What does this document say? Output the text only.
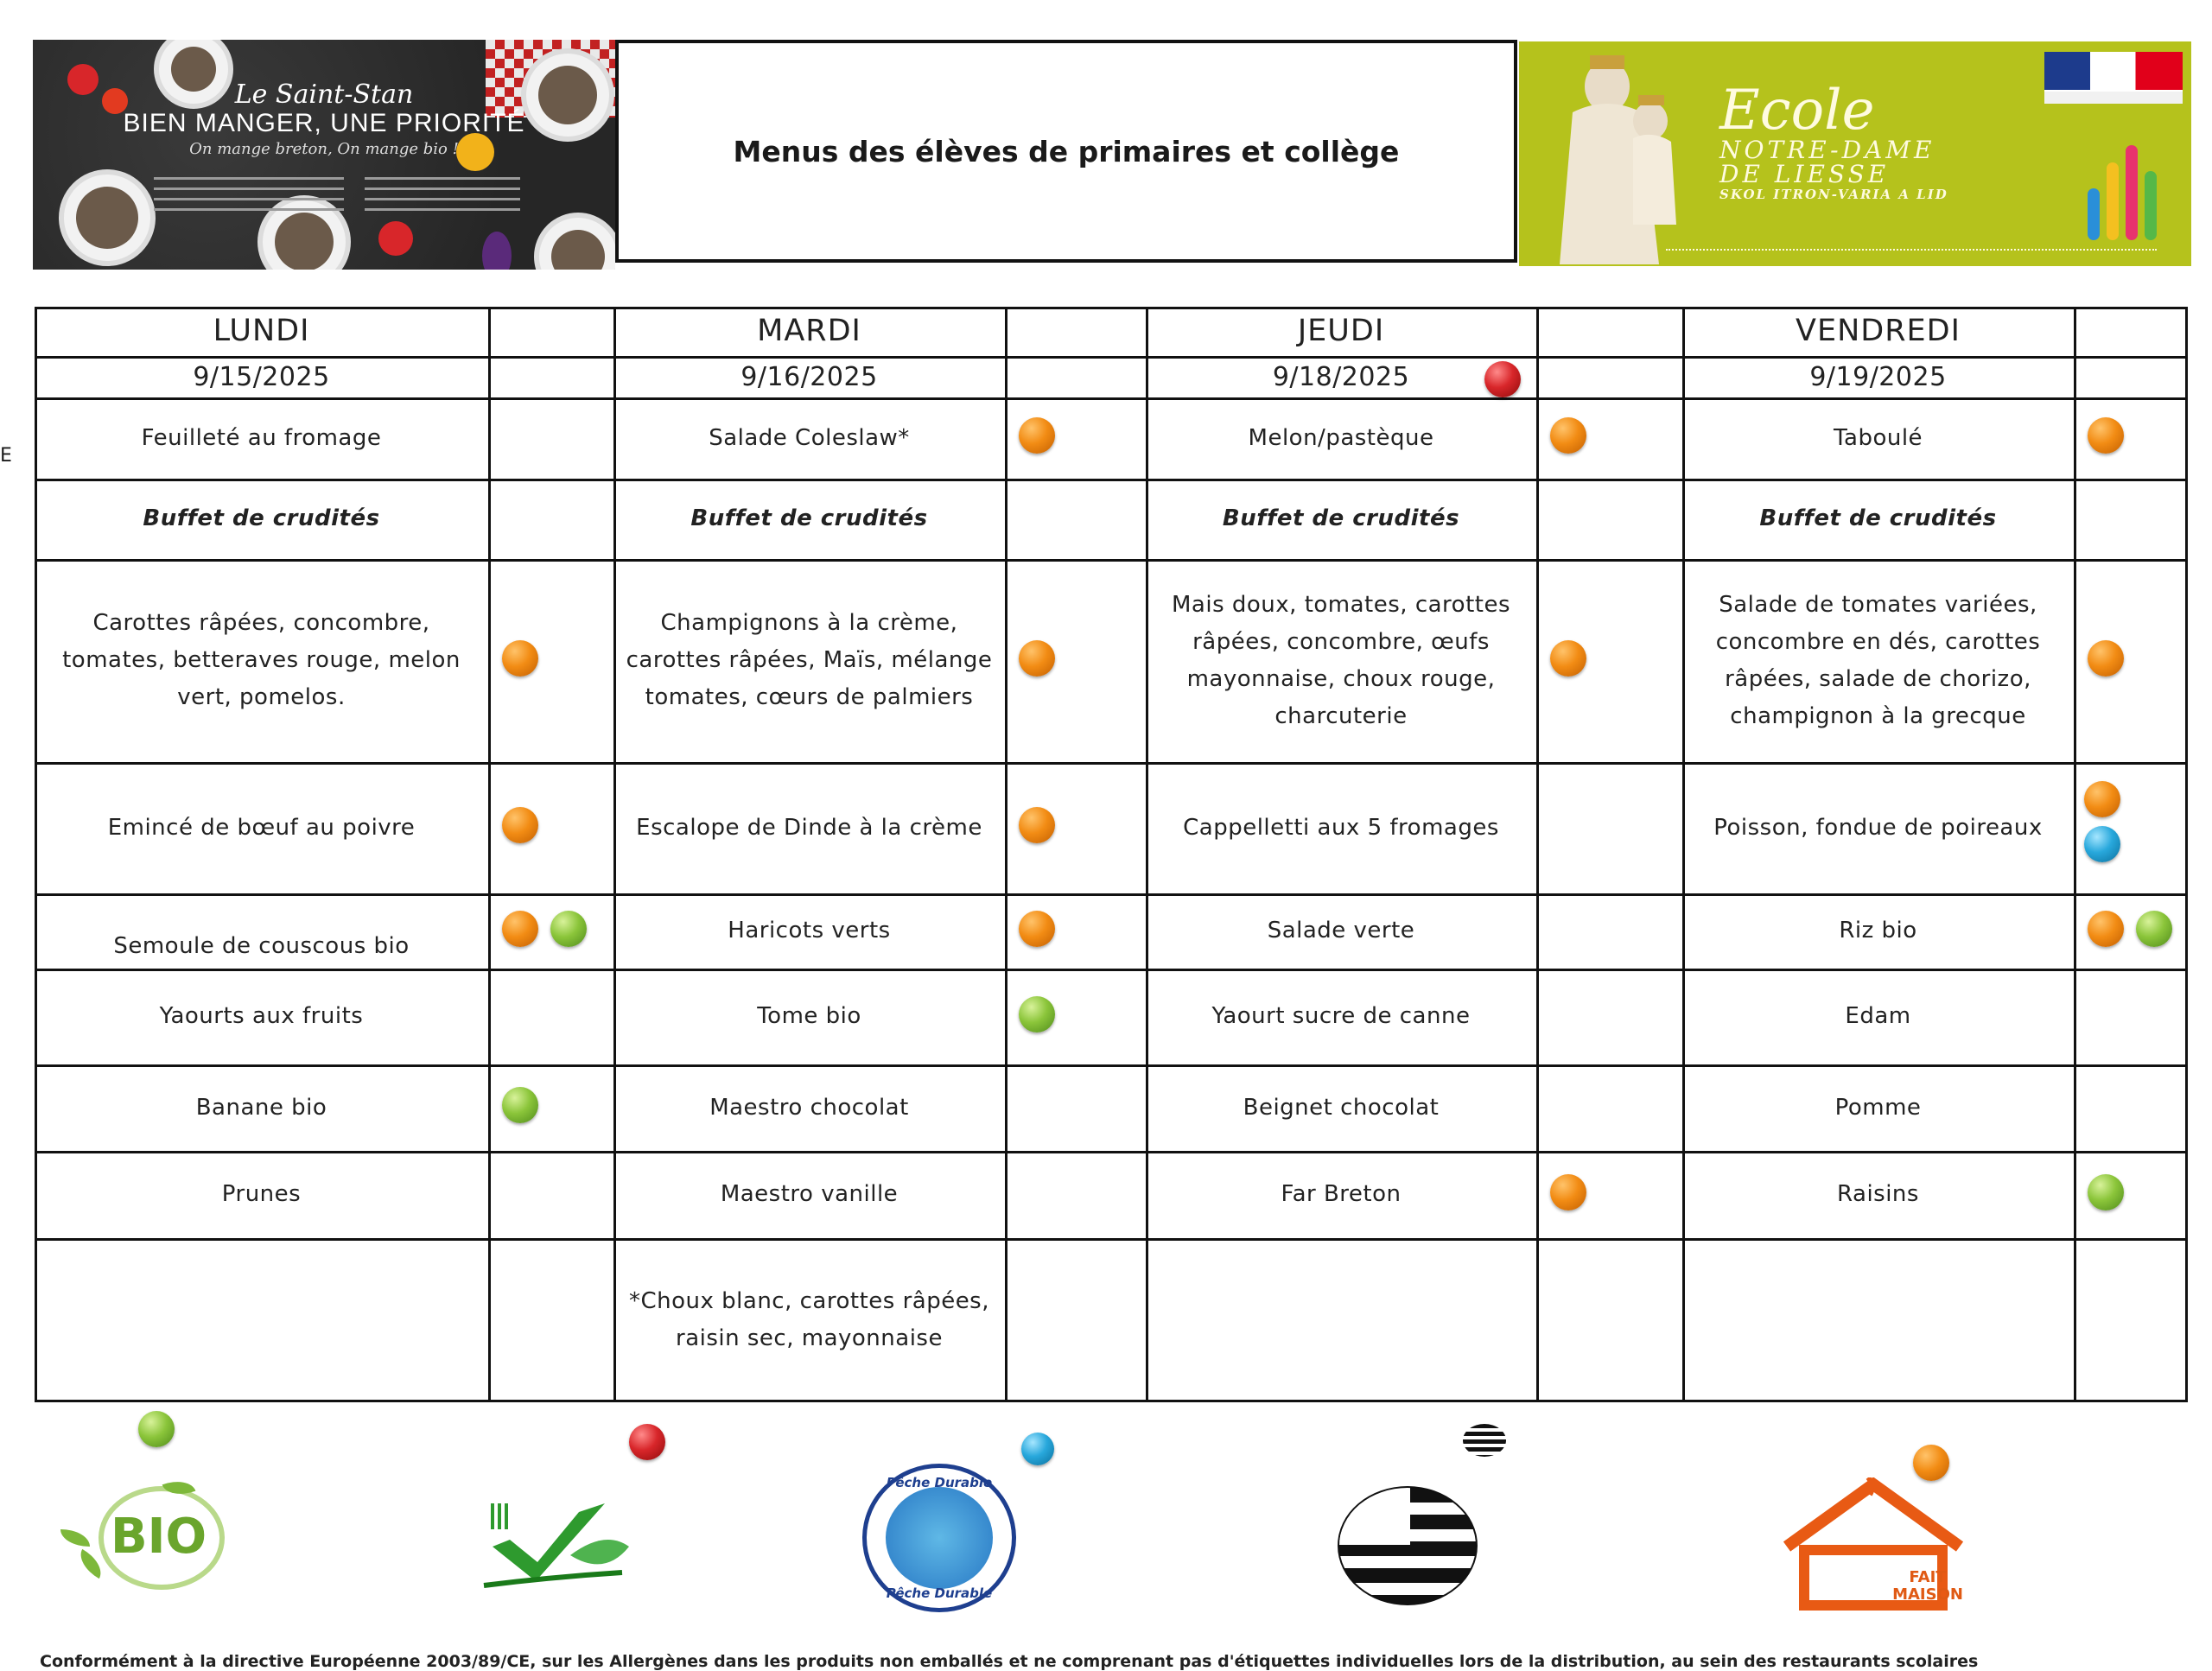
Le Saint-Stan
BIEN MANGER, UNE PRIORITÉ
On mange breton, On mange bio !	Menus des élèves de primaires et collège
Ecole
NOTRE-DAME
DE LIESSE
SKOL ITRON-VARIA A LID
E
LUNDI
9/15/2025
Feuilleté au fromage
Buffet de crudités
Carottes râpées, concombre, tomates, betteraves rouge, melon vert, pomelos.
Emincé de bœuf au poivre
Semoule de couscous bio
Yaourts aux fruits
Banane bio
Prunes
MARDI
9/16/2025
Salade Coleslaw*
Buffet de crudités
Champignons à la crème, carottes râpées, Maïs, mélange tomates, cœurs de palmiers
Escalope de Dinde à la crème
Haricots verts
Tome bio
Maestro chocolat
Maestro vanille
*Choux blanc, carottes râpées, raisin sec, mayonnaise
JEUDI
9/18/2025
Melon/pastèque
Buffet de crudités
Mais doux, tomates, carottes râpées, concombre, œufs mayonnaise, choux rouge, charcuterie
Cappelletti aux 5 fromages
Salade verte
Yaourt sucre de canne
Beignet chocolat
Far Breton
VENDREDI
9/19/2025
Taboulé
Buffet de crudités
Salade de tomates variées, concombre en dés, carottes râpées, salade de chorizo, champignon à la grecque
Poisson, fondue de poireaux
Riz bio
Edam
Pomme
Raisins
BIO
Pêche Durable
Pêche Durable
FAIT MAISON
Conformément à la directive Européenne 2003/89/CE, sur les Allergènes dans les produits non emballés et ne comprenant pas d'étiquettes individuelles lors de la distribution, au sein des restaurants scolaires
